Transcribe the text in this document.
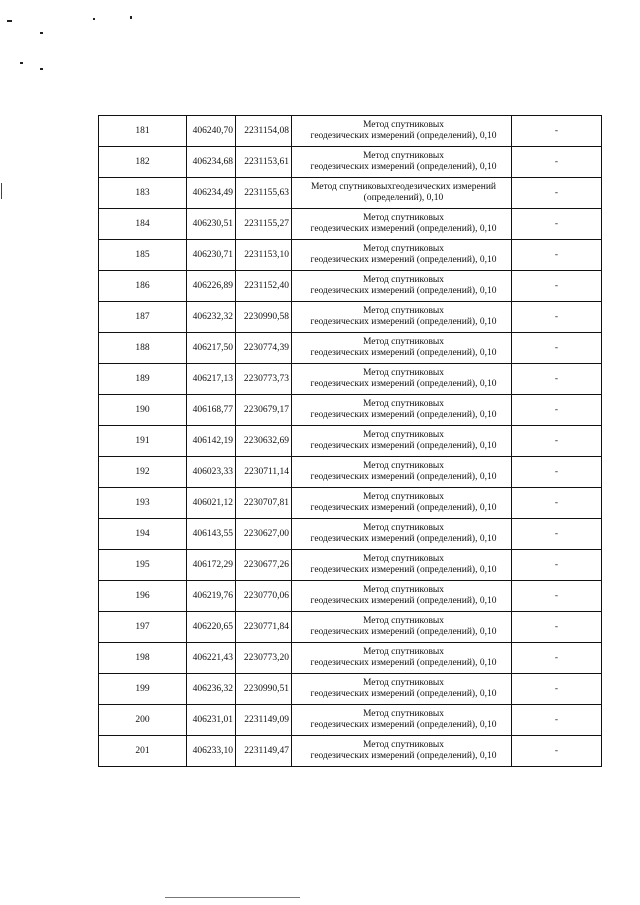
181	406240,70	2231154,08	Метод спутниковых
геодезических измерений (определений), 0,10	-
182	406234,68	2231153,61	Метод спутниковых
геодезических измерений (определений), 0,10	-
183	406234,49	2231155,63	Метод спутниковыхгеодезических измерений
(определений), 0,10	-
184	406230,51	2231155,27	Метод спутниковых
геодезических измерений (определений), 0,10	-
185	406230,71	2231153,10	Метод спутниковых
геодезических измерений (определений), 0,10	-
186	406226,89	2231152,40	Метод спутниковых
геодезических измерений (определений), 0,10	-
187	406232,32	2230990,58	Метод спутниковых
геодезических измерений (определений), 0,10	-
188	406217,50	2230774,39	Метод спутниковых
геодезических измерений (определений), 0,10	-
189	406217,13	2230773,73	Метод спутниковых
геодезических измерений (определений), 0,10	-
190	406168,77	2230679,17	Метод спутниковых
геодезических измерений (определений), 0,10	-
191	406142,19	2230632,69	Метод спутниковых
геодезических измерений (определений), 0,10	-
192	406023,33	2230711,14	Метод спутниковых
геодезических измерений (определений), 0,10	-
193	406021,12	2230707,81	Метод спутниковых
геодезических измерений (определений), 0,10	-
194	406143,55	2230627,00	Метод спутниковых
геодезических измерений (определений), 0,10	-
195	406172,29	2230677,26	Метод спутниковых
геодезических измерений (определений), 0,10	-
196	406219,76	2230770,06	Метод спутниковых
геодезических измерений (определений), 0,10	-
197	406220,65	2230771,84	Метод спутниковых
геодезических измерений (определений), 0,10	-
198	406221,43	2230773,20	Метод спутниковых
геодезических измерений (определений), 0,10	-
199	406236,32	2230990,51	Метод спутниковых
геодезических измерений (определений), 0,10	-
200	406231,01	2231149,09	Метод спутниковых
геодезических измерений (определений), 0,10	-
201	406233,10	2231149,47	Метод спутниковых
геодезических измерений (определений), 0,10	-
